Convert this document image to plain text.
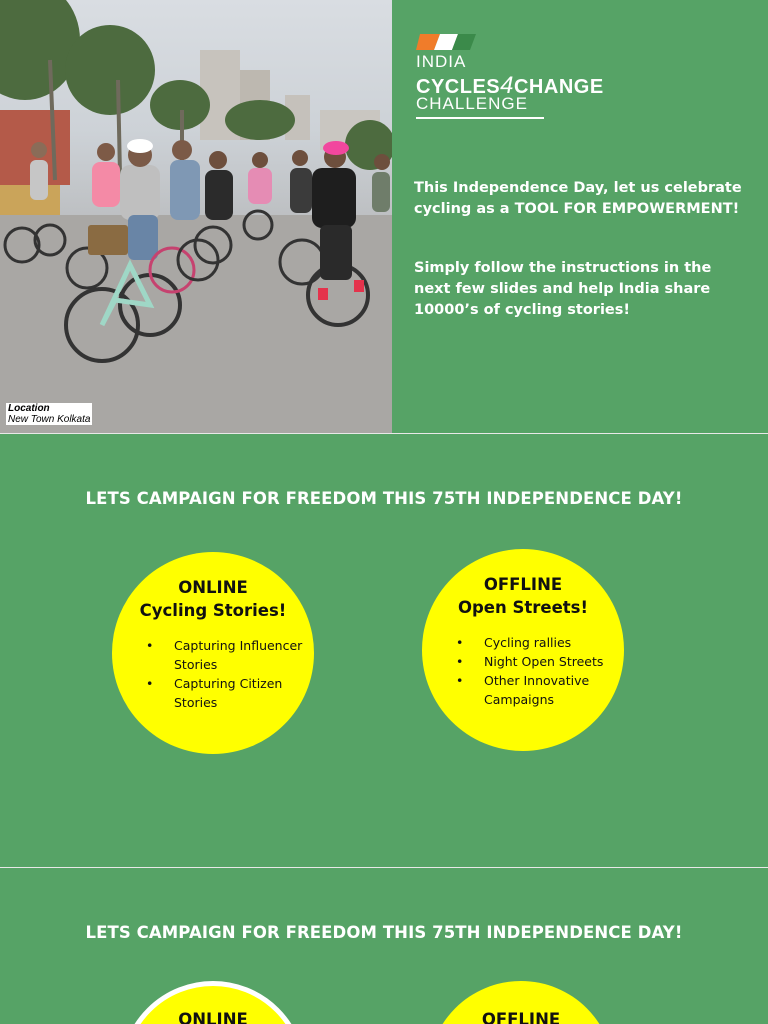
Location
New Town Kolkata
INDIA
CYCLES4CHANGE
CHALLENGE
This Independence Day, let us celebrate cycling as a TOOL FOR EMPOWERMENT!
Simply follow the instructions in the next few slides and help India share 10000’s of cycling stories!
LETS CAMPAIGN FOR FREEDOM THIS 75TH INDEPENDENCE DAY!
ONLINE
Cycling Stories!
• Capturing Influencer Stories
• Capturing Citizen Stories
OFFLINE
Open Streets!
• Cycling rallies
• Night Open Streets
• Other Innovative Campaigns
LETS CAMPAIGN FOR FREEDOM THIS 75TH INDEPENDENCE DAY!
ONLINE	OFFLINE
